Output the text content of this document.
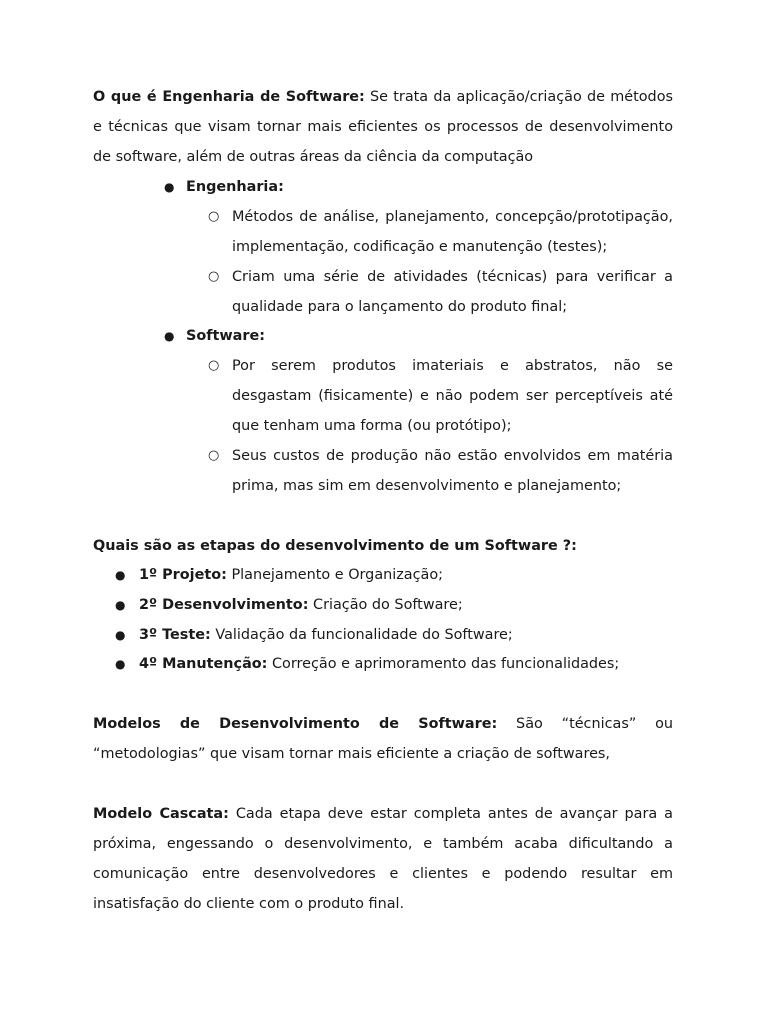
O que é Engenharia de Software: Se trata da aplicação/criação de métodos e técnicas que visam tornar mais eficientes os processos de desenvolvimento de software, além de outras áreas da ciência da computação

● Engenharia:

○ Métodos de análise, planejamento, concepção/prototipação, implementação, codificação e manutenção (testes);

○ Criam uma série de atividades (técnicas) para verificar a qualidade para o lançamento do produto final;

● Software:

○ Por serem produtos imateriais e abstratos, não se desgastam (fisicamente) e não podem ser perceptíveis até que tenham uma forma (ou protótipo);

○ Seus custos de produção não estão envolvidos em matéria prima, mas sim em desenvolvimento e planejamento;

Quais são as etapas do desenvolvimento de um Software ?:

● 1º Projeto: Planejamento e Organização;

● 2º Desenvolvimento: Criação do Software;

● 3º Teste: Validação da funcionalidade do Software;

● 4º Manutenção: Correção e aprimoramento das funcionalidades;

Modelos de Desenvolvimento de Software: São “técnicas” ou “metodologias” que visam tornar mais eficiente a criação de softwares,

Modelo Cascata: Cada etapa deve estar completa antes de avançar para a próxima, engessando o desenvolvimento, e também acaba dificultando a comunicação entre desenvolvedores e clientes e podendo resultar em insatisfação do cliente com o produto final.
